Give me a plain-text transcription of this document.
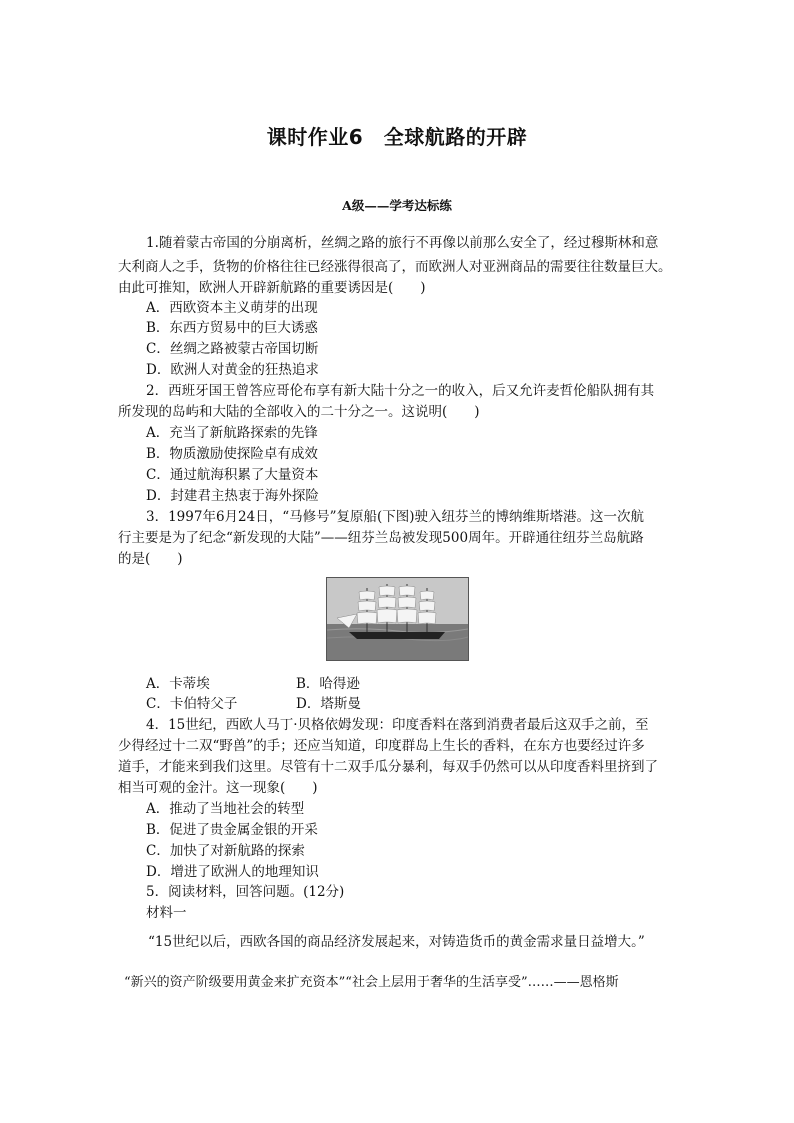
课时作业6　全球航路的开辟
A级——学考达标练
1.随着蒙古帝国的分崩离析，丝绸之路的旅行不再像以前那么安全了，经过穆斯林和意
大利商人之手，货物的价格往往已经涨得很高了，而欧洲人对亚洲商品的需要往往数量巨大。
由此可推知，欧洲人开辟新航路的重要诱因是(　　)
A．西欧资本主义萌芽的出现
B．东西方贸易中的巨大诱惑
C．丝绸之路被蒙古帝国切断
D．欧洲人对黄金的狂热追求
2．西班牙国王曾答应哥伦布享有新大陆十分之一的收入，后又允许麦哲伦船队拥有其
所发现的岛屿和大陆的全部收入的二十分之一。这说明(　　)
A．充当了新航路探索的先锋
B．物质激励使探险卓有成效
C．通过航海积累了大量资本
D．封建君主热衷于海外探险
3．1997年6月24日，“马修号”复原船(下图)驶入纽芬兰的博纳维斯塔港。这一次航
行主要是为了纪念“新发现的大陆”——纽芬兰岛被发现500周年。开辟通往纽芬兰岛航路
的是(　　)
A．卡蒂埃	B．哈得逊
C．卡伯特父子	D．塔斯曼
4．15世纪，西欧人马丁·贝格依姆发现：印度香料在落到消费者最后这双手之前，至
少得经过十二双“野兽”的手；还应当知道，印度群岛上生长的香料，在东方也要经过许多
道手，才能来到我们这里。尽管有十二双手瓜分暴利，每双手仍然可以从印度香料里挤到了
相当可观的金汁。这一现象(　　)
A．推动了当地社会的转型
B．促进了贵金属金银的开采
C．加快了对新航路的探索
D．增进了欧洲人的地理知识
5．阅读材料，回答问题。(12分)
材料一
“15世纪以后，西欧各国的商品经济发展起来，对铸造货币的黄金需求量日益增大。”
“新兴的资产阶级要用黄金来扩充资本”“社会上层用于奢华的生活享受”……——恩格斯
